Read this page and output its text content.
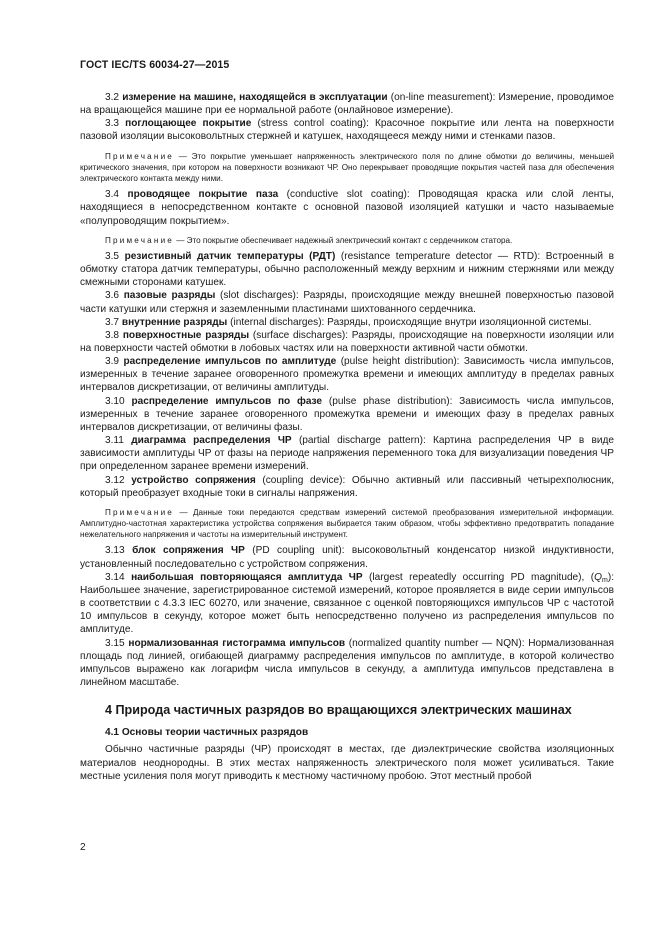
ГОСТ IEC/TS 60034-27—2015

3.2 измерение на машине, находящейся в эксплуатации (on-line measurement): Измерение, проводимое на вращающейся машине при ее нормальной работе (онлайновое измерение).

3.3 поглощающее покрытие (stress control coating): Красочное покрытие или лента на поверхности пазовой изоляции высоковольтных стержней и катушек, находящееся между ними и стенками пазов.

Примечание — Это покрытие уменьшает напряженность электрического поля по длине обмотки до величины, меньшей критического значения, при котором на поверхности возникают ЧР. Оно перекрывает проводящие покрытия частей паза для обеспечения электрического контакта между ними.

3.4 проводящее покрытие паза (conductive slot coating): Проводящая краска или слой ленты, находящиеся в непосредственном контакте с основной пазовой изоляцией катушки и часто называемые «полупроводящим покрытием».

Примечание — Это покрытие обеспечивает надежный электрический контакт с сердечником статора.

3.5 резистивный датчик температуры (РДТ) (resistance temperature detector — RTD): Встроенный в обмотку статора датчик температуры, обычно расположенный между верхним и нижним стержнями или между смежными сторонами катушек.

3.6 пазовые разряды (slot discharges): Разряды, происходящие между внешней поверхностью пазовой части катушки или стержня и заземленными пластинами шихтованного сердечника.

3.7 внутренние разряды (internal discharges): Разряды, происходящие внутри изоляционной системы.

3.8 поверхностные разряды (surface discharges): Разряды, происходящие на поверхности изоляции или на поверхности частей обмотки в лобовых частях или на поверхности активной части обмотки.

3.9 распределение импульсов по амплитуде (pulse height distribution): Зависимость числа импульсов, измеренных в течение заранее оговоренного промежутка времени и имеющих амплитуду в пределах равных интервалов дискретизации, от величины амплитуды.

3.10 распределение импульсов по фазе (pulse phase distribution): Зависимость числа импульсов, измеренных в течение заранее оговоренного промежутка времени и имеющих фазу в пределах равных интервалов дискретизации, от величины фазы.

3.11 диаграмма распределения ЧР (partial discharge pattern): Картина распределения ЧР в виде зависимости амплитуды ЧР от фазы на периоде напряжения переменного тока для визуализации поведения ЧР при определенном заранее времени измерений.

3.12 устройство сопряжения (coupling device): Обычно активный или пассивный четырехполюсник, который преобразует входные токи в сигналы напряжения.

Примечание — Данные токи передаются средствам измерений системой преобразования измерительной информации. Амплитудно-частотная характеристика устройства сопряжения выбирается таким образом, чтобы эффективно предотвратить попадание нежелательного напряжения и частоты на измерительный инструмент.

3.13 блок сопряжения ЧР (PD coupling unit): высоковольтный конденсатор низкой индуктивности, установленный последовательно с устройством сопряжения.

3.14 наибольшая повторяющаяся амплитуда ЧР (largest repeatedly occurring PD magnitude), $(Q_m)$: Наибольшее значение, зарегистрированное системой измерений, которое проявляется в виде серии импульсов в соответствии с 4.3.3 IEC 60270, или значение, связанное с оценкой повторяющихся импульсов ЧР с частотой 10 импульсов в секунду, которое может быть непосредственно получено из распределения импульсов по амплитуде.

3.15 нормализованная гистограмма импульсов (normalized quantity number — NQN): Нормализованная площадь под линией, огибающей диаграмму распределения импульсов по амплитуде, в которой количество импульсов выражено как логарифм числа импульсов в секунду, а амплитуда импульсов представлена в линейном масштабе.

4 Природа частичных разрядов во вращающихся электрических машинах
4.1 Основы теории частичных разрядов

Обычно частичные разряды (ЧР) происходят в местах, где диэлектрические свойства изоляционных материалов неоднородны. В этих местах напряженность электрического поля может усиливаться. Такие местные усиления поля могут приводить к местному частичному пробою. Этот местный пробой

2
